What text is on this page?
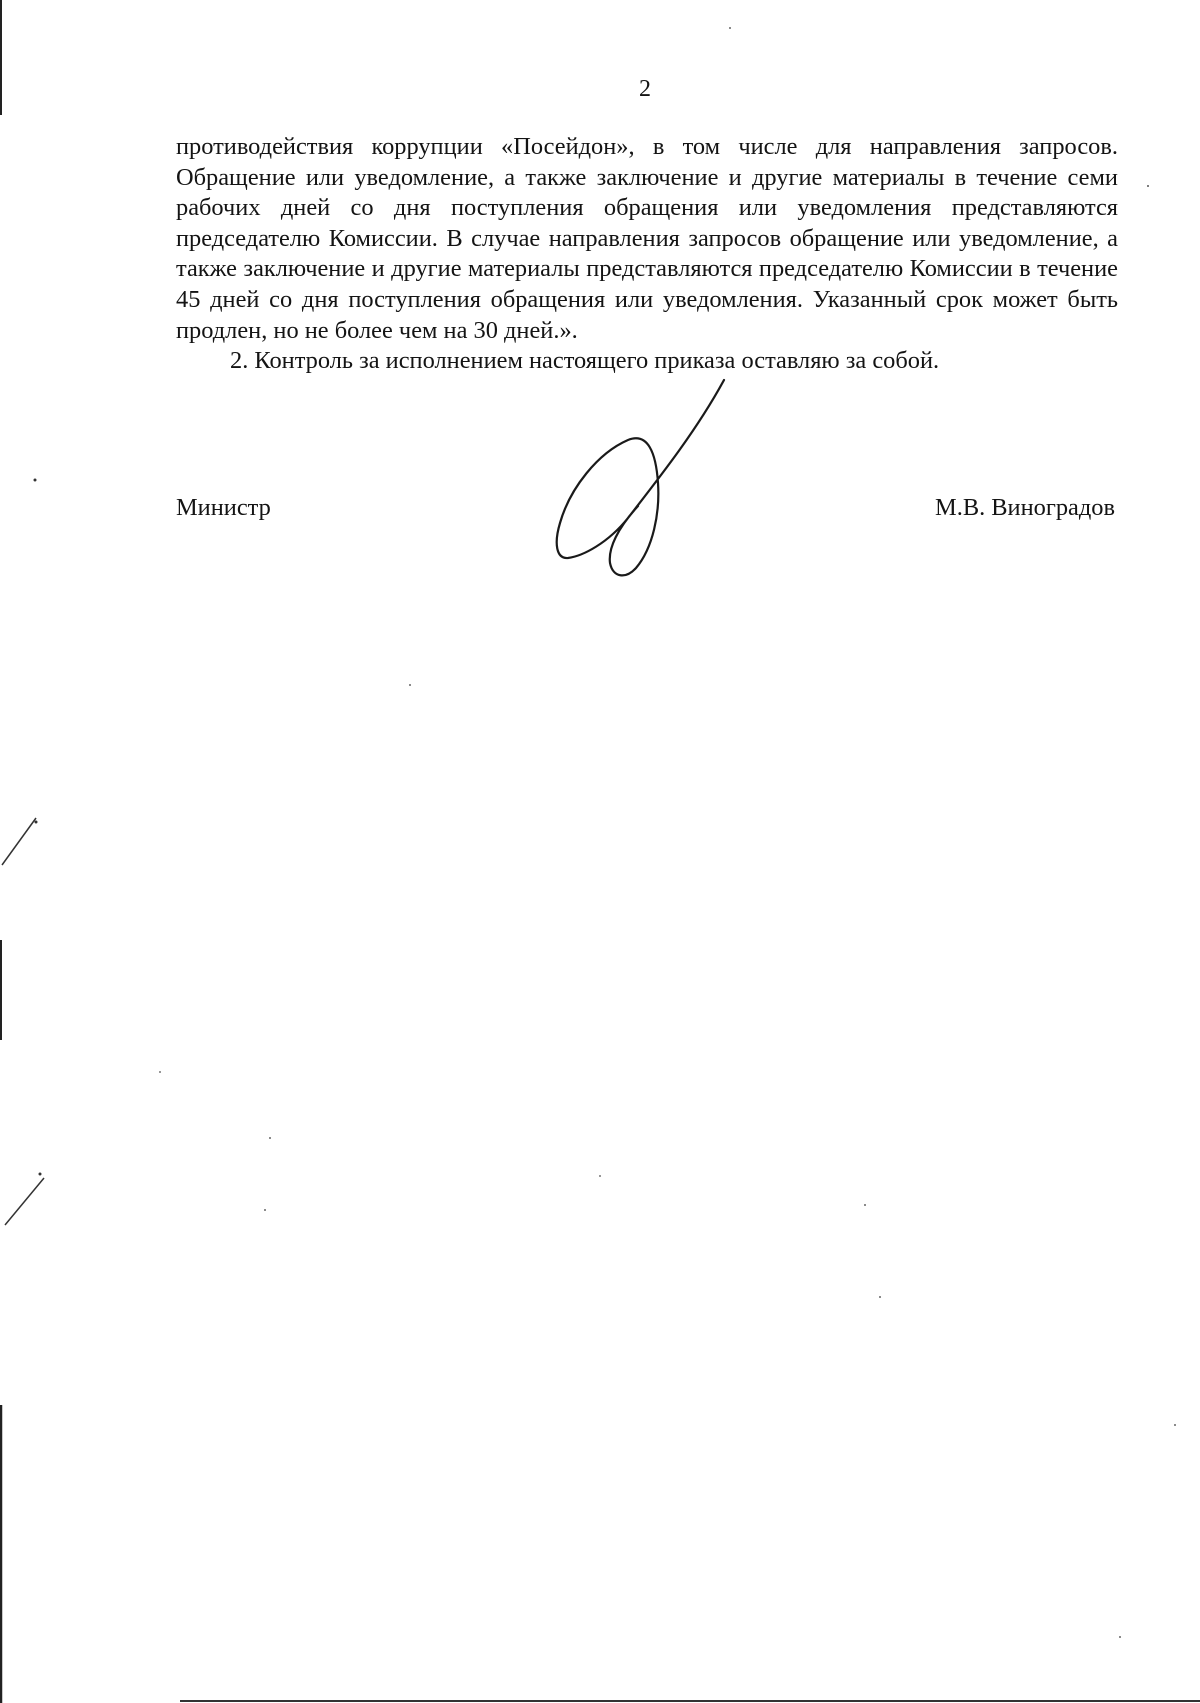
2

противодействия коррупции «Посейдон», в том числе для направления запросов. Обращение или уведомление, а также заключение и другие материалы в течение семи рабочих дней со дня поступления обращения или уведомления представляются председателю Комиссии. В случае направления запросов обращение или уведомление, а также заключение и другие материалы представляются председателю Комиссии в течение 45 дней со дня поступления обращения или уведомления. Указанный срок может быть продлен, но не более чем на 30 дней.».

2. Контроль за исполнением настоящего приказа оставляю за собой.

Министр	М.В. Виноградов
